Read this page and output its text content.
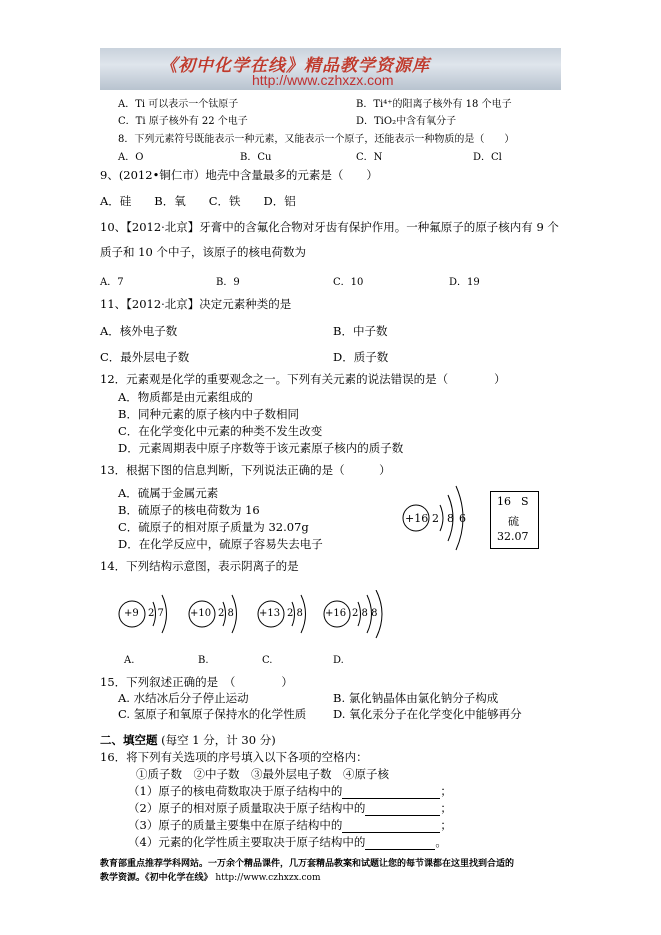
《初中化学在线》精品教学资源库
http://www.czhxzx.com
A．Ti 可以表示一个钛原子	B．Ti⁴⁺的阳离子核外有 18 个电子
C．Ti 原子核外有 22 个电子	D．TiO₂中含有氧分子
8．下列元素符号既能表示一种元素，又能表示一个原子，还能表示一种物质的是（　　）
A．O	B．Cu	C．N	D．Cl
9、(2012•铜仁市）地壳中含量最多的元素是（　　）
A．硅　　B．氧　　C．铁　　D．铝
10、【2012·北京】牙膏中的含氟化合物对牙齿有保护作用。一种氟原子的原子核内有 9 个
质子和 10 个中子，该原子的核电荷数为
A．7	B．9	C．10	D．19
11、【2012·北京】决定元素种类的是
A．核外电子数	B．中子数
C．最外层电子数	D．质子数
12．元素观是化学的重要观念之一。下列有关元素的说法错误的是（　　　　）
A．物质都是由元素组成的
B．同种元素的原子核内中子数相同
C．在化学变化中元素的种类不发生改变
D．元素周期表中原子序数等于该元素原子核内的质子数
13．根据下图的信息判断，下列说法正确的是（　　　）
A．硫属于金属元素
B．硫原子的核电荷数为 16
C．硫原子的相对原子质量为 32.07g
D．在化学反应中，硫原子容易失去电子
+16 2 8 6
16 S
硫
32.07
14．下列结构示意图，表示阴离子的是
+9 2 7	+10 2 8	+13 2 8 +16 2 8 8
A.	B.	C.	D.
15．下列叙述正确的是　（　　　　）
A. 水结冰后分子停止运动	B. 氯化钠晶体由氯化钠分子构成
C. 氢原子和氧原子保持水的化学性质 D. 氧化汞分子在化学变化中能够再分
二、填空题 (每空 1 分，计 30 分)
16．将下列有关选项的序号填入以下各项的空格内：
①质子数　②中子数　③最外层电子数　④原子核
（1）原子的核电荷数取决于原子结构中的	；
（2）原子的相对原子质量取决于原子结构中的	；
（3）原子的质量主要集中在原子结构中的	；
（4）元素的化学性质主要取决于原子结构中的	。
教育部重点推荐学科网站。一万余个精品课件，几万套精品教案和试题让您的每节课都在这里找到合适的
教学资源。《初中化学在线》 http://www.czhxzx.com
